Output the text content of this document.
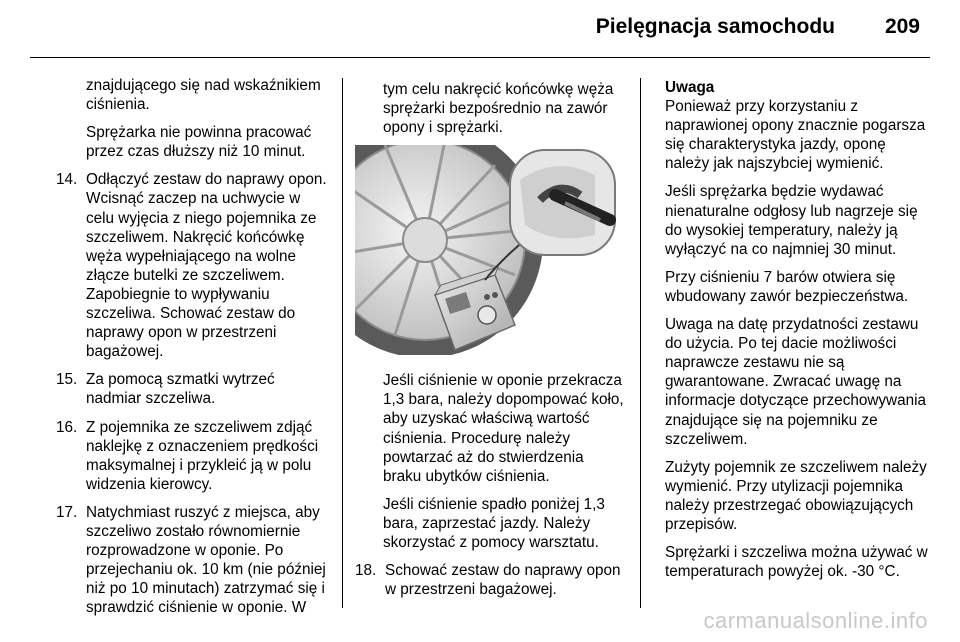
Pielęgnacja samochodu 209

znajdującego się nad wskaźnikiem ciśnienia.

Sprężarka nie powinna pracować przez czas dłuższy niż 10 minut.

14. Odłączyć zestaw do naprawy opon. Wcisnąć zaczep na uchwycie w celu wyjęcia z niego pojemnika ze szczeliwem. Nakręcić końcówkę węża wypełniającego na wolne złącze butelki ze szczeliwem. Zapobiegnie to wypływaniu szczeliwa. Schować zestaw do naprawy opon w przestrzeni bagażowej.
15. Za pomocą szmatki wytrzeć nadmiar szczeliwa.
16. Z pojemnika ze szczeliwem zdjąć naklejkę z oznaczeniem prędkości maksymalnej i przykleić ją w polu widzenia kierowcy.
17. Natychmiast ruszyć z miejsca, aby szczeliwo zostało równomiernie rozprowadzone w oponie. Po przejechaniu ok. 10 km (nie później niż po 10 minutach) zatrzymać się i sprawdzić ciśnienie w oponie. W

tym celu nakręcić końcówkę węża sprężarki bezpośrednio na zawór opony i sprężarki.

Jeśli ciśnienie w oponie przekracza 1,3 bara, należy dopompować koło, aby uzyskać właściwą wartość ciśnienia. Procedurę należy powtarzać aż do stwierdzenia braku ubytków ciśnienia.

Jeśli ciśnienie spadło poniżej 1,3 bara, zaprzestać jazdy. Należy skorzystać z pomocy warsztatu.

18. Schować zestaw do naprawy opon w przestrzeni bagażowej.
Uwaga

Ponieważ przy korzystaniu z naprawionej opony znacznie pogarsza się charakterystyka jazdy, oponę należy jak najszybciej wymienić.

Jeśli sprężarka będzie wydawać nienaturalne odgłosy lub nagrzeje się do wysokiej temperatury, należy ją wyłączyć na co najmniej 30 minut.

Przy ciśnieniu 7 barów otwiera się wbudowany zawór bezpieczeństwa.

Uwaga na datę przydatności zestawu do użycia. Po tej dacie możliwości naprawcze zestawu nie są gwarantowane. Zwracać uwagę na informacje dotyczące przechowywania znajdujące się na pojemniku ze szczeliwem.

Zużyty pojemnik ze szczeliwem należy wymienić. Przy utylizacji pojemnika należy przestrzegać obowiązujących przepisów.

Sprężarki i szczeliwa można używać w temperaturach powyżej ok. -30 °C.

carmanualsonline.info
